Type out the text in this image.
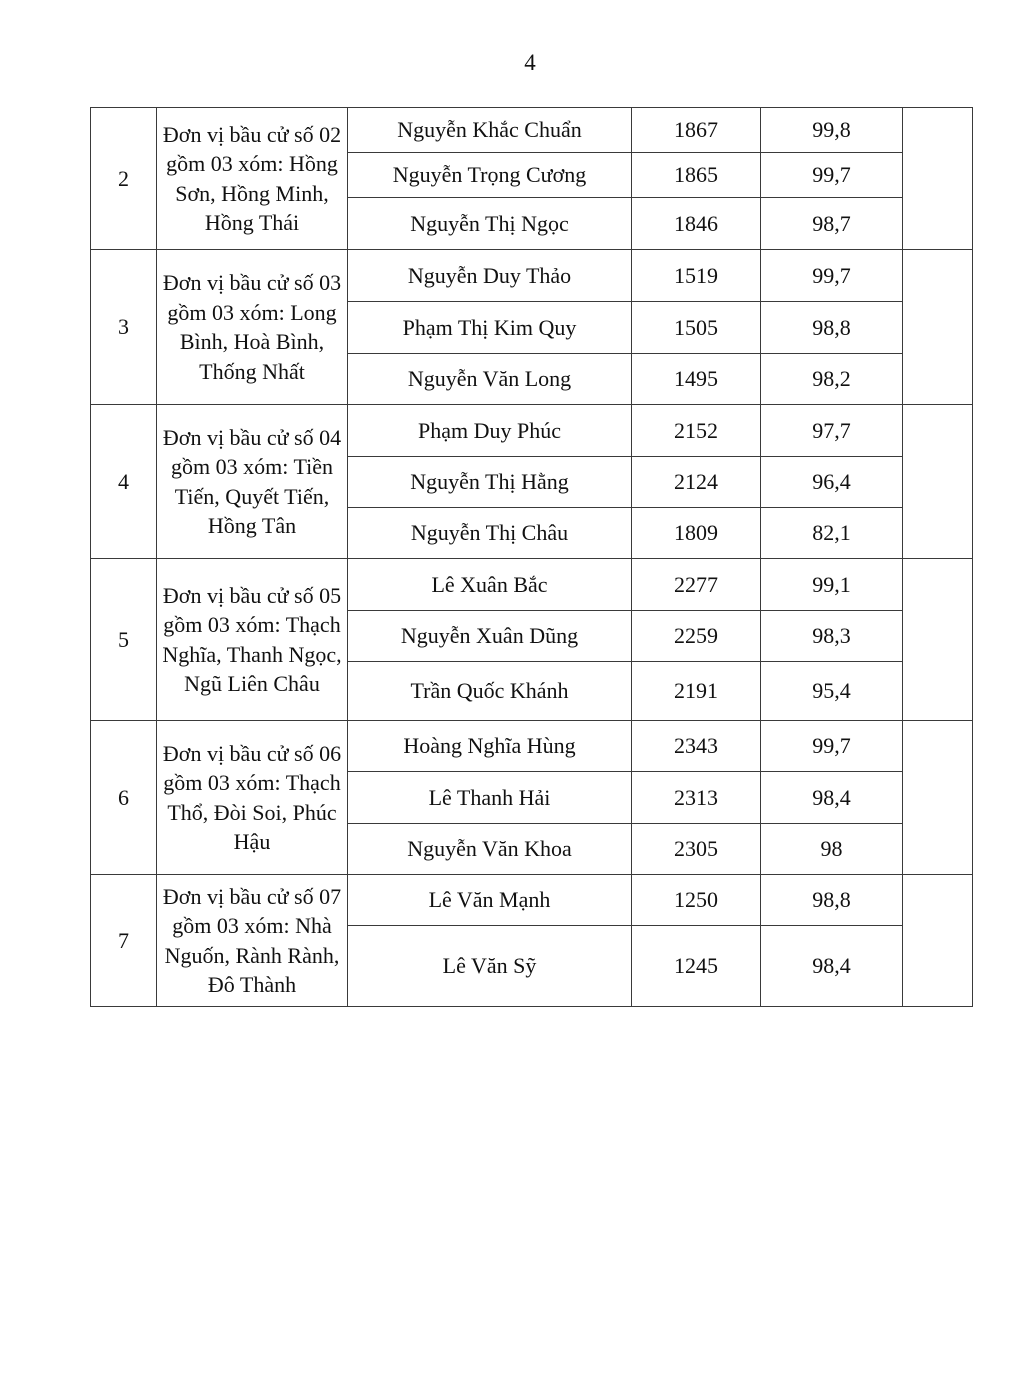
4
2	Đơn vị bầu cử số 02 gồm 03 xóm: Hồng Sơn, Hồng Minh, Hồng Thái	Nguyễn Khắc Chuẩn	1867	99,8	
		Nguyễn Trọng Cương	1865	99,7	
		Nguyễn Thị Ngọc	1846	98,7	
3	Đơn vị bầu cử số 03 gồm 03 xóm: Long Bình, Hoà Bình, Thống Nhất	Nguyễn Duy Thảo	1519	99,7	
		Phạm Thị Kim Quy	1505	98,8	
		Nguyễn Văn Long	1495	98,2	
4	Đơn vị bầu cử số 04 gồm 03 xóm: Tiền Tiến, Quyết Tiến, Hồng Tân	Phạm Duy Phúc	2152	97,7	
		Nguyễn Thị Hằng	2124	96,4	
		Nguyễn Thị Châu	1809	82,1	
5	Đơn vị bầu cử số 05 gồm 03 xóm: Thạch Nghĩa, Thanh Ngọc, Ngũ Liên Châu	Lê Xuân Bắc	2277	99,1	
		Nguyễn Xuân Dũng	2259	98,3	
		Trần Quốc Khánh	2191	95,4	
6	Đơn vị bầu cử số 06 gồm 03 xóm: Thạch Thổ, Đòi Soi, Phúc Hậu	Hoàng Nghĩa Hùng	2343	99,7	
		Lê Thanh Hải	2313	98,4	
		Nguyễn Văn Khoa	2305	98	
7	Đơn vị bầu cử số 07 gồm 03 xóm: Nhà Nguốn, Rành Rành, Đô Thành	Lê Văn Mạnh	1250	98,8	
		Lê Văn Sỹ	1245	98,4	
